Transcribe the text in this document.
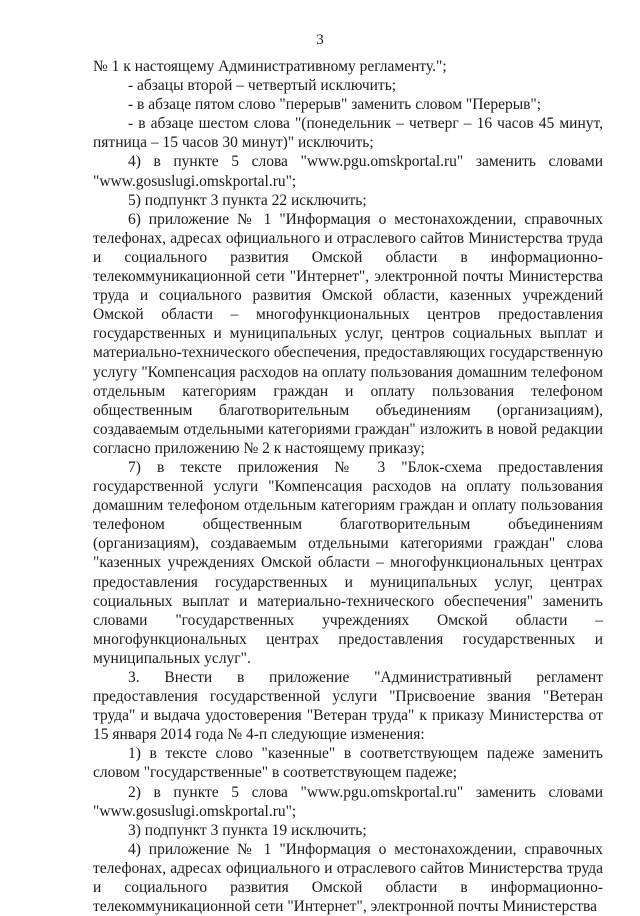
3

№ 1 к настоящему Административному регламенту.";

- абзацы второй – четвертый исключить;

- в абзаце пятом слово "перерыв" заменить словом "Перерыв";

- в абзаце шестом слова "(понедельник – четверг – 16 часов 45 минут, пятница – 15 часов 30 минут)" исключить;

4) в пункте 5 слова "www.pgu.omskportal.ru" заменить словами "www.gosuslugi.omskportal.ru";

5) подпункт 3 пункта 22 исключить;

6) приложение № 1 "Информация о местонахождении, справочных телефонах, адресах официального и отраслевого сайтов Министерства труда и социального развития Омской области в информационно-телекоммуникационной сети "Интернет", электронной почты Министерства труда и социального развития Омской области, казенных учреждений Омской области – многофункциональных центров предоставления государственных и муниципальных услуг, центров социальных выплат и материально-технического обеспечения, предоставляющих государственную услугу "Компенсация расходов на оплату пользования домашним телефоном отдельным категориям граждан и оплату пользования телефоном общественным благотворительным объединениям (организациям), создаваемым отдельными категориями граждан" изложить в новой редакции согласно приложению № 2 к настоящему приказу;

7) в тексте приложения № 3 "Блок-схема предоставления государственной услуги "Компенсация расходов на оплату пользования домашним телефоном отдельным категориям граждан и оплату пользования телефоном общественным благотворительным объединениям (организациям), создаваемым отдельными категориями граждан" слова "казенных учреждениях Омской области – многофункциональных центрах предоставления государственных и муниципальных услуг, центрах социальных выплат и материально-технического обеспечения" заменить словами "государственных учреждениях Омской области – многофункциональных центрах предоставления государственных и муниципальных услуг".

3. Внести в приложение "Административный регламент предоставления государственной услуги "Присвоение звания "Ветеран труда" и выдача удостоверения "Ветеран труда" к приказу Министерства от 15 января 2014 года № 4-п следующие изменения:

1) в тексте слово "казенные" в соответствующем падеже заменить словом "государственные" в соответствующем падеже;

2) в пункте 5 слова "www.pgu.omskportal.ru" заменить словами "www.gosuslugi.omskportal.ru";

3) подпункт 3 пункта 19 исключить;

4) приложение № 1 "Информация о местонахождении, справочных телефонах, адресах официального и отраслевого сайтов Министерства труда и социального развития Омской области в информационно-телекоммуникационной сети "Интернет", электронной почты Министерства
